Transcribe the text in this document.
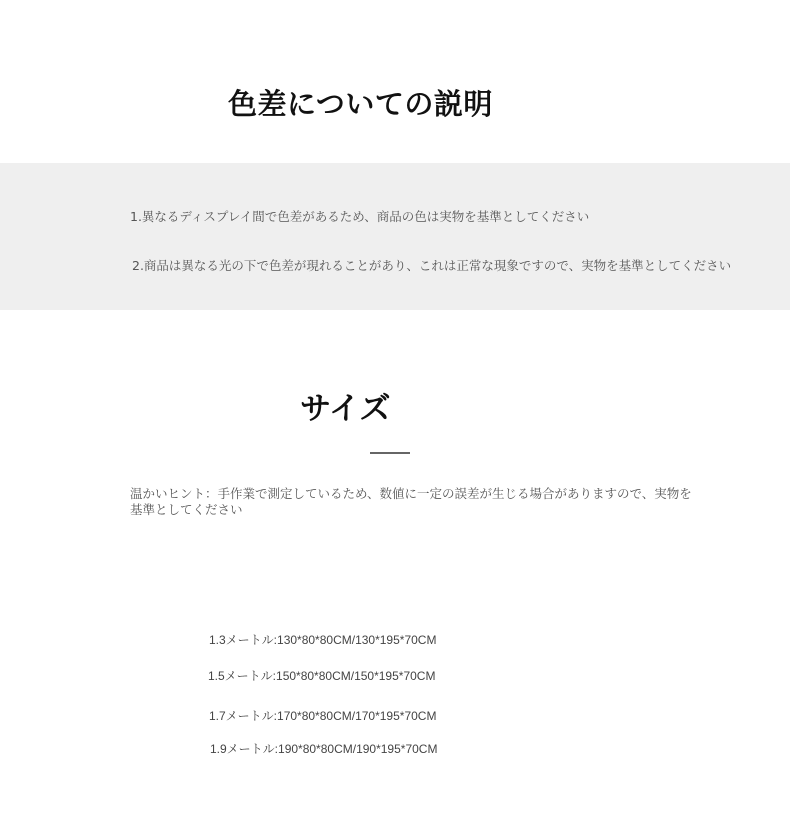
色差についての説明
1.異なるディスプレイ間で色差があるため、商品の色は実物を基準としてください
2.商品は異なる光の下で色差が現れることがあり、これは正常な現象ですので、実物を基準としてください
サイズ
温かいヒント：手作業で測定しているため、数値に一定の誤差が生じる場合がありますので、実物を基準としてください
1.3メートル:130*80*80CM/130*195*70CM
1.5メートル:150*80*80CM/150*195*70CM
1.7メートル:170*80*80CM/170*195*70CM
1.9メートル:190*80*80CM/190*195*70CM
